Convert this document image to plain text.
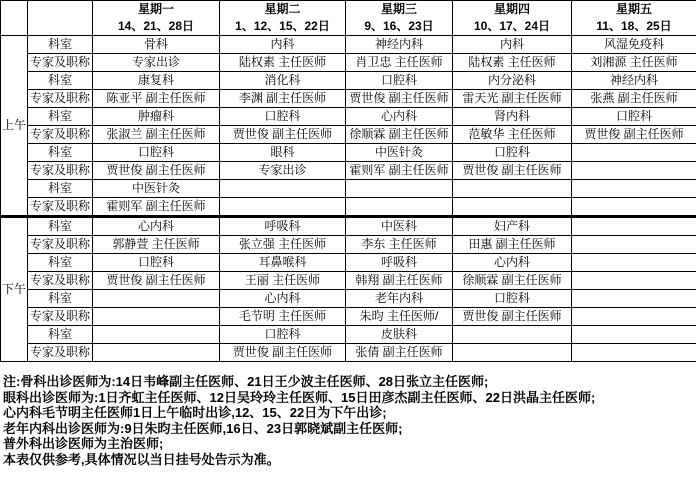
星期一
14、21、28日

星期二
1、12、15、22日

星期三
9、16、23日

星期四
10、17、24日

星期五
11、18、25日

上午	科室	骨科	内科	神经内科	内科	风湿免疫科
	专家及职称	专家出诊	陆权素 主任医师	肖卫忠 主任医师	陆权素 主任医师	刘湘源 主任医师
	科室	康复科	消化科	口腔科	内分泌科	神经内科
	专家及职称	陈亚平 副主任医师	李渊 副主任医师	贾世俊 副主任医师	雷天光 副主任医师	张燕 副主任医师
	科室	肿瘤科	口腔科	心内科	肾内科	口腔科
	专家及职称	张淑兰 副主任医师	贾世俊 副主任医师	徐顺霖 副主任医师	范敏华 主任医师	贾世俊 副主任医师
	科室	口腔科	眼科	中医针灸	口腔科	
	专家及职称	贾世俊 副主任医师	专家出诊	霍则军 副主任医师	贾世俊 副主任医师	
	科室	中医针灸				
	专家及职称	霍则军 副主任医师				
下午	科室	心内科	呼吸科	中医科	妇产科	
	专家及职称	郭静萱 主任医师	张立强 主任医师	李东 主任医师	田惠 副主任医师	
	科室	口腔科	耳鼻喉科	呼吸科	心内科	
	专家及职称	贾世俊 副主任医师	王丽 主任医师	韩翔 副主任医师	徐顺霖 副主任医师	
	科室		心内科	老年内科	口腔科	
	专家及职称		毛节明 主任医师	朱昀 主任医师/	贾世俊 副主任医师	
	科室		口腔科	皮肤科		
	专家及职称		贾世俊 副主任医师	张倩 副主任医师		
注:骨科出诊医师为:14日韦峰副主任医师、21日王少波主任医师、28日张立主任医师;
眼科出诊医师为:1日齐虹主任医师、12日吴玲玲主任医师、15日田彦杰副主任医师、22日洪晶主任医师;
心内科毛节明主任医师1日上午临时出诊,12、15、22日为下午出诊;
老年内科出诊医师为:9日朱昀主任医师,16日、23日郭晓斌副主任医师;
普外科出诊医师为主治医师;
本表仅供参考,具体情况以当日挂号处告示为准。
